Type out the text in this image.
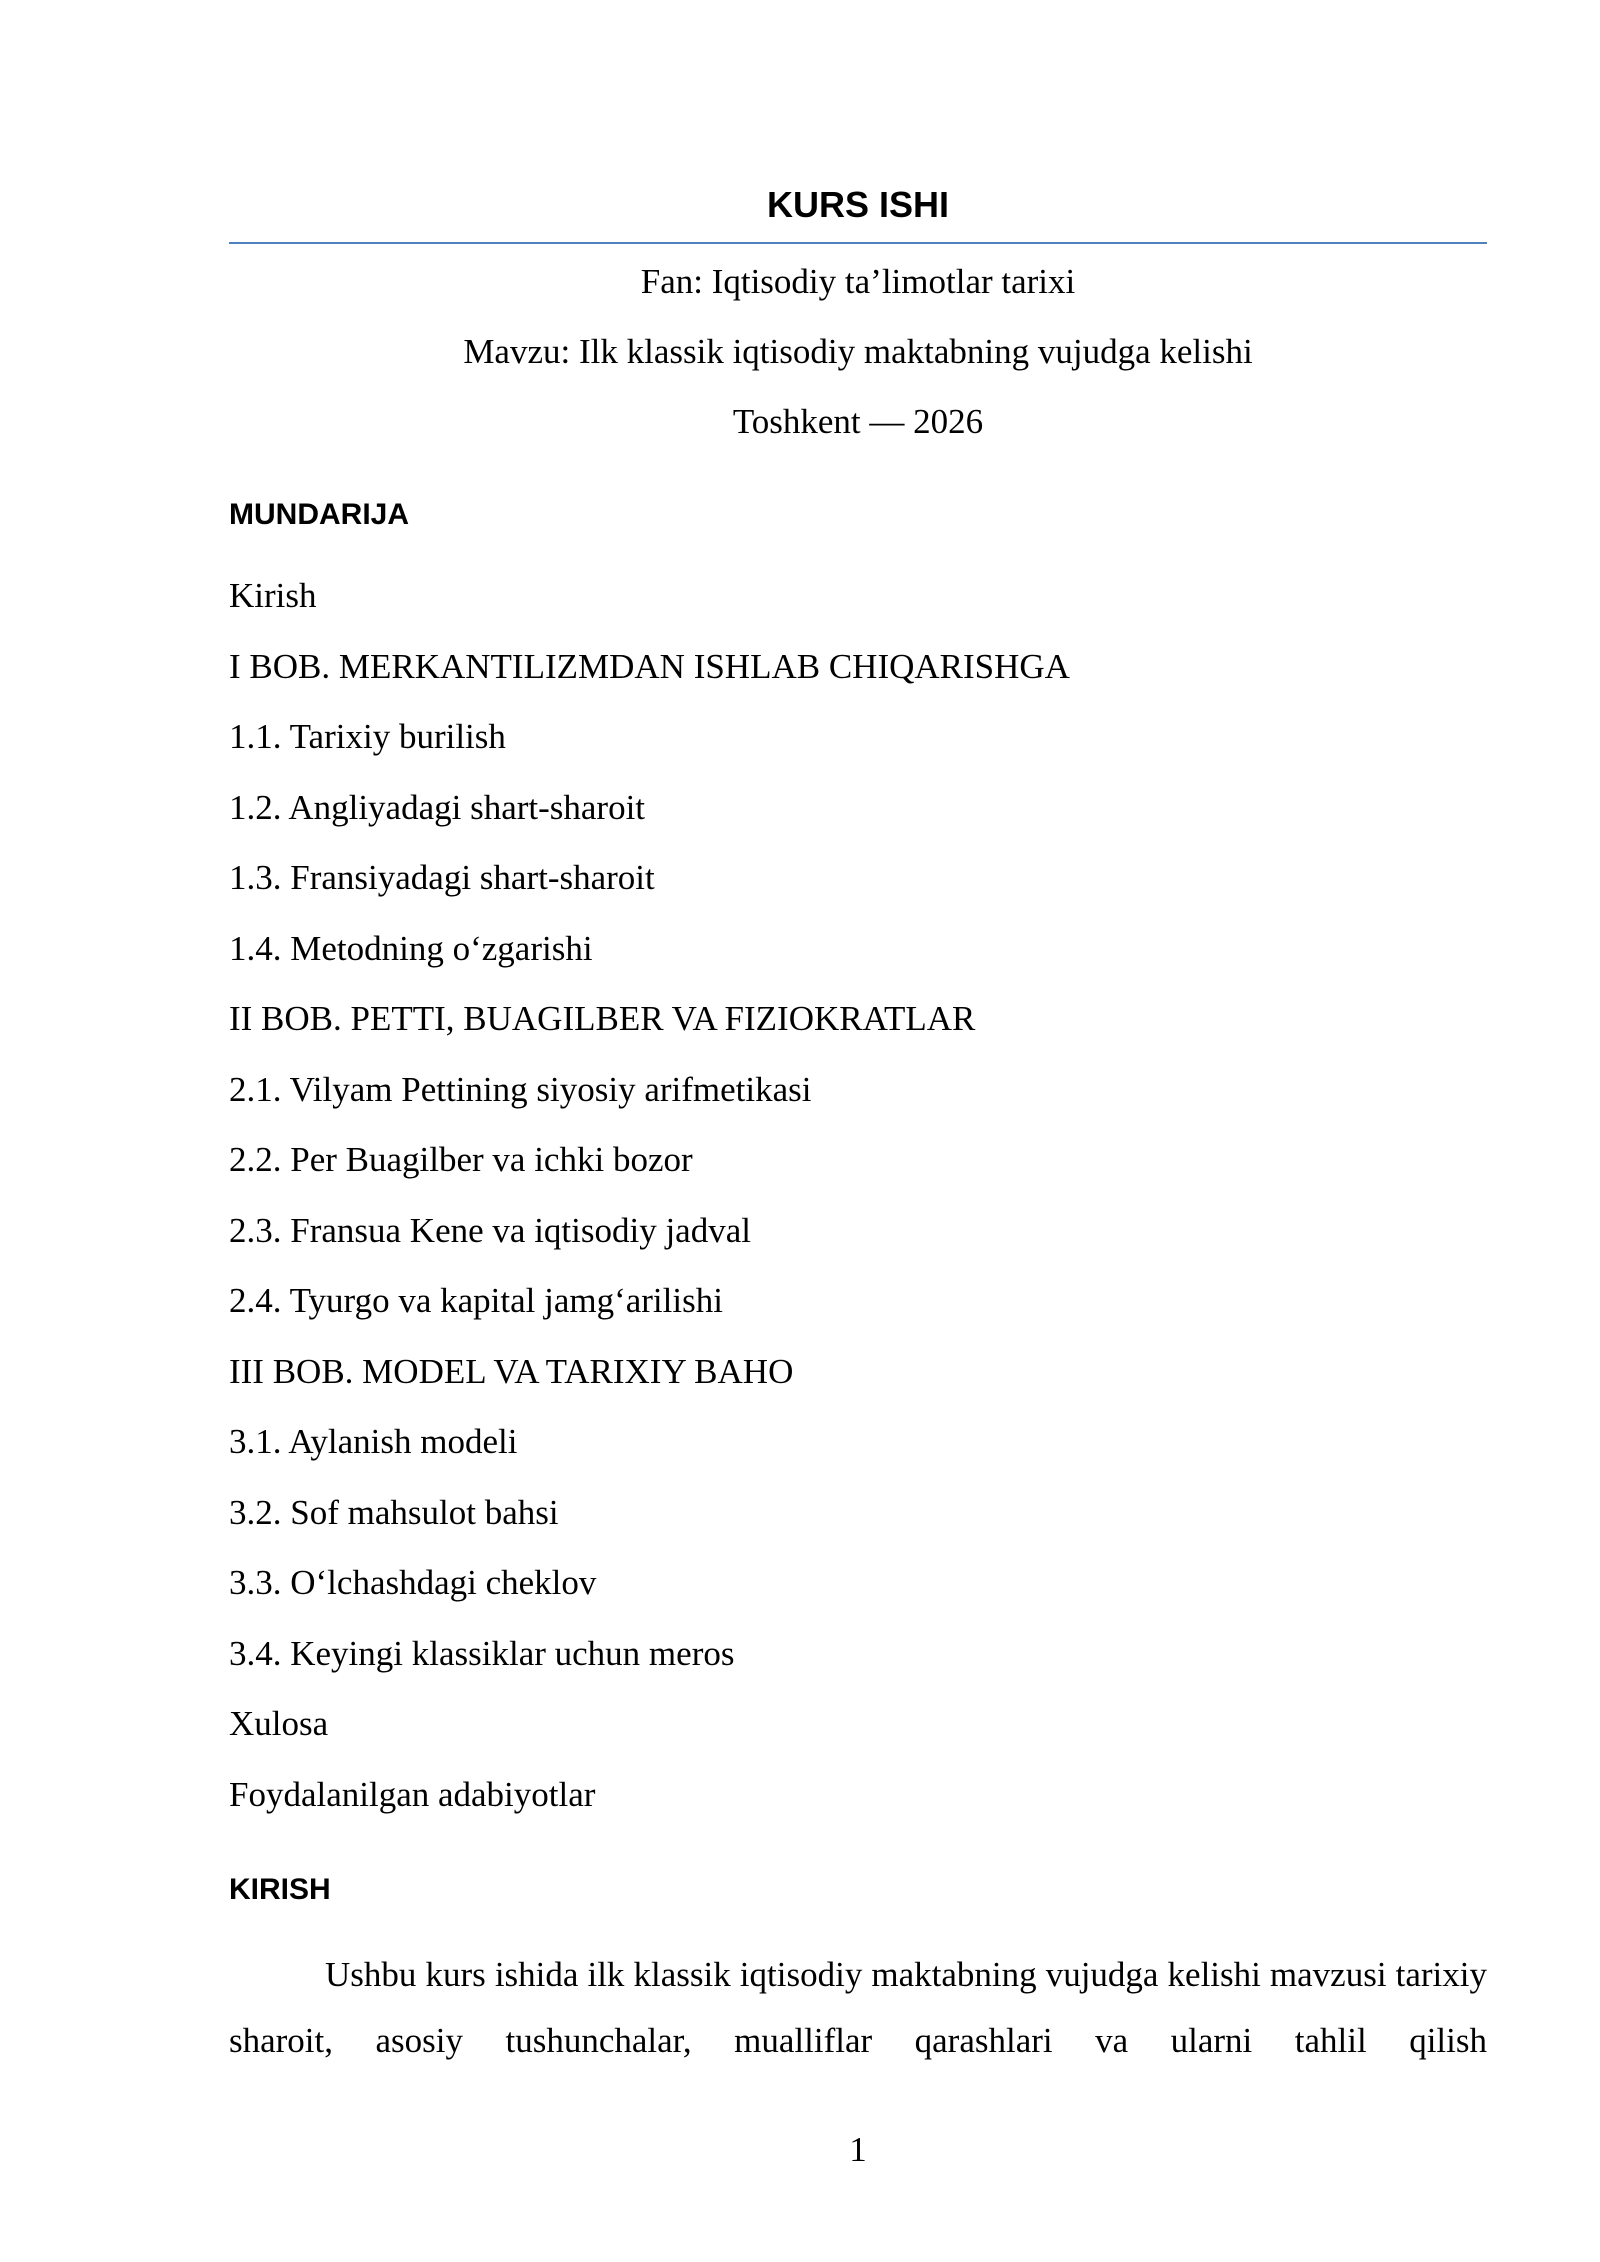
KURS ISHI
Fan: Iqtisodiy ta’limotlar tarixi
Mavzu: Ilk klassik iqtisodiy maktabning vujudga kelishi
Toshkent — 2026
MUNDARIJA
Kirish
I BOB. MERKANTILIZMDAN ISHLAB CHIQARISHGA
1.1. Tarixiy burilish
1.2. Angliyadagi shart-sharoit
1.3. Fransiyadagi shart-sharoit
1.4. Metodning o‘zgarishi
II BOB. PETTI, BUAGILBER VA FIZIOKRATLAR
2.1. Vilyam Pettining siyosiy arifmetikasi
2.2. Per Buagilber va ichki bozor
2.3. Fransua Kene va iqtisodiy jadval
2.4. Tyurgo va kapital jamg‘arilishi
III BOB. MODEL VA TARIXIY BAHO
3.1. Aylanish modeli
3.2. Sof mahsulot bahsi
3.3. O‘lchashdagi cheklov
3.4. Keyingi klassiklar uchun meros
Xulosa
Foydalanilgan adabiyotlar
KIRISH

Ushbu kurs ishida ilk klassik iqtisodiy maktabning vujudga kelishi mavzusi tarixiy sharoit, asosiy tushunchalar, mualliflar qarashlari va ularni tahlil qilish

1
